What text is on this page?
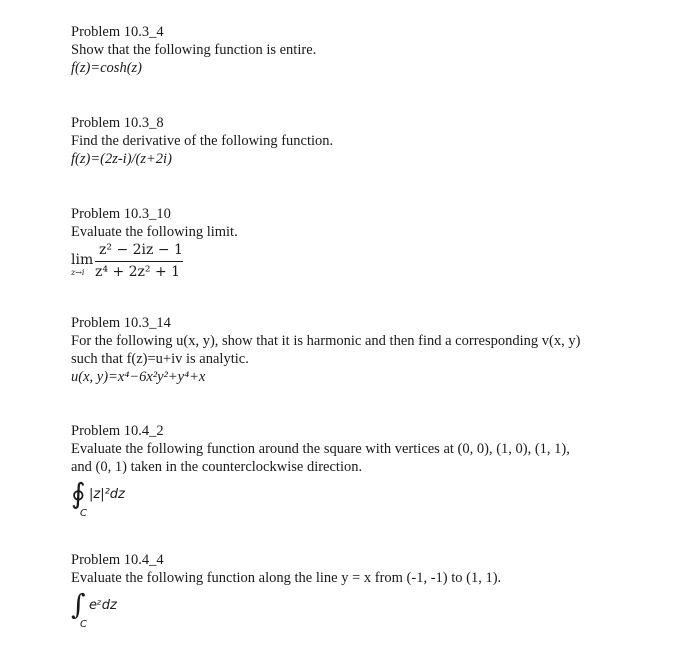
Problem 10.3_4
Show that the following function is entire.
f(z)=cosh(z)
Problem 10.3_8
Find the derivative of the following function.
f(z)=(2z-i)/(z+2i)
Problem 10.3_10
Evaluate the following limit.
z² − 2iz − 1
lim
z⁴ + 2z² + 1
z→i
Problem 10.3_14
For the following u(x, y), show that it is harmonic and then find a corresponding v(x, y)
such that f(z)=u+iv is analytic.
u(x, y)=x⁴−6x²y²+y⁴+x
Problem 10.4_2
Evaluate the following function around the square with vertices at (0, 0), (1, 0), (1, 1),
and (0, 1) taken in the counterclockwise direction.
∮ |z|²dz
C
Problem 10.4_4
Evaluate the following function along the line y = x from (-1, -1) to (1, 1).
∫ eᶻdz
C
